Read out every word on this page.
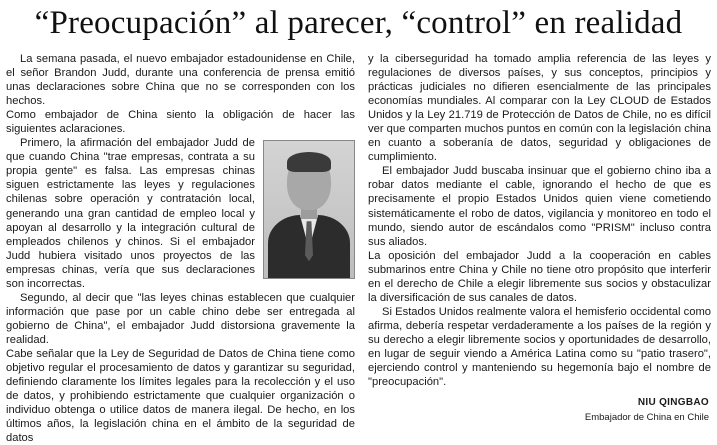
“Preocupación” al parecer, “control” en realidad

La semana pasada, el nuevo embajador estadounidense en Chile, el señor Brandon Judd, durante una conferencia de prensa emitió unas declaraciones sobre China que no se corresponden con los hechos.

Como embajador de China siento la obligación de hacer las siguientes aclaraciones.

Primero, la afirmación del embajador Judd de que cuando China "trae empresas, contrata a su propia gente" es falsa. Las empresas chinas siguen estrictamente las leyes y regulaciones chilenas sobre operación y contratación local, generando una gran cantidad de empleo local y apoyan al desarrollo y la integración cultural de empleados chilenos y chinos. Si el embajador Judd hubiera visitado unos proyectos de las empresas chinas, vería que sus declaraciones son incorrectas.

Segundo, al decir que "las leyes chinas establecen que cualquier información que pase por un cable chino debe ser entregada al gobierno de China", el embajador Judd distorsiona gravemente la realidad.

Cabe señalar que la Ley de Seguridad de Datos de China tiene como objetivo regular el procesamiento de datos y garantizar su seguridad, definiendo claramente los límites legales para la recolección y el uso de datos, y prohibiendo estrictamente que cualquier organización o individuo obtenga o utilice datos de manera ilegal. De hecho, en los últimos años, la legislación china en el ámbito de la seguridad de datos

y la ciberseguridad ha tomado amplia referencia de las leyes y regulaciones de diversos países, y sus conceptos, principios y prácticas judiciales no difieren esencialmente de las principales economías mundiales. Al comparar con la Ley CLOUD de Estados Unidos y la Ley 21.719 de Protección de Datos de Chile, no es difícil ver que comparten muchos puntos en común con la legislación china en cuanto a soberanía de datos, seguridad y obligaciones de cumplimiento.

El embajador Judd buscaba insinuar que el gobierno chino iba a robar datos mediante el cable, ignorando el hecho de que es precisamente el propio Estados Unidos quien viene cometiendo sistemáticamente el robo de datos, vigilancia y monitoreo en todo el mundo, siendo autor de escándalos como "PRISM" incluso contra sus aliados.

La oposición del embajador Judd a la cooperación en cables submarinos entre China y Chile no tiene otro propósito que interferir en el derecho de Chile a elegir libremente sus socios y obstaculizar la diversificación de sus canales de datos.

Si Estados Unidos realmente valora el hemisferio occidental como afirma, debería respetar verdaderamente a los países de la región y su derecho a elegir libremente socios y oportunidades de desarrollo, en lugar de seguir viendo a América Latina como su "patio trasero", ejerciendo control y manteniendo su hegemonía bajo el nombre de "preocupación".

NIU QINGBAO
Embajador de China en Chile
